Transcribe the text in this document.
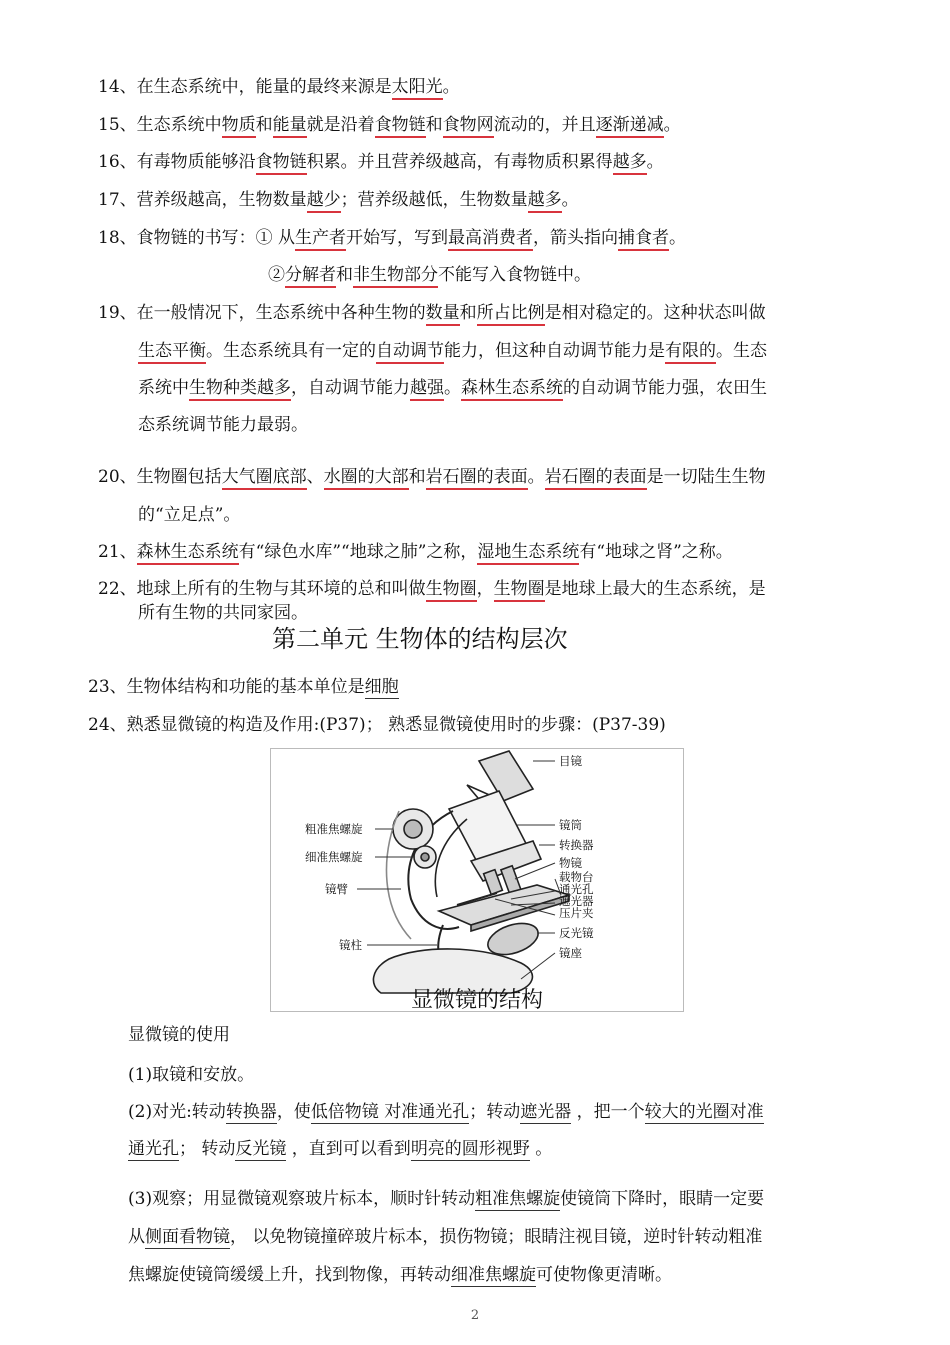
14、在生态系统中，能量的最终来源是太阳光。
15、生态系统中物质和能量就是沿着食物链和食物网流动的，并且逐渐递减。
16、有毒物质能够沿食物链积累。并且营养级越高，有毒物质积累得越多。
17、营养级越高，生物数量越少；营养级越低，生物数量越多。
18、食物链的书写：① 从生产者开始写，写到最高消费者，箭头指向捕食者。
②分解者和非生物部分不能写入食物链中。
19、在一般情况下，生态系统中各种生物的数量和所占比例是相对稳定的。这种状态叫做
生态平衡。生态系统具有一定的自动调节能力，但这种自动调节能力是有限的。生态
系统中生物种类越多，自动调节能力越强。森林生态系统的自动调节能力强，农田生
态系统调节能力最弱。
20、生物圈包括大气圈底部、水圈的大部和岩石圈的表面。岩石圈的表面是一切陆生生物
的“立足点”。
21、森林生态系统有“绿色水库”“地球之肺”之称，湿地生态系统有“地球之肾”之称。
22、地球上所有的生物与其环境的总和叫做生物圈，生物圈是地球上最大的生态系统，是
所有生物的共同家园。
第二单元 生物体的结构层次
23、生物体结构和功能的基本单位是细胞
24、熟悉显微镜的构造及作用:(P37)； 熟悉显微镜使用时的步骤：(P37-39)
目镜
镜筒
转换器
物镜
载物台
通光孔
遮光器
压片夹
反光镜
镜座
粗准焦螺旋
细准焦螺旋
镜臂
镜柱
显微镜的结构
显微镜的使用
(1)取镜和安放。
(2)对光:转动转换器，使低倍物镜 对准通光孔；转动遮光器 ，把一个较大的光圈对准
通光孔； 转动反光镜 ，直到可以看到明亮的圆形视野 。
(3)观察；用显微镜观察玻片标本，顺时针转动粗准焦螺旋使镜筒下降时，眼睛一定要
从侧面看物镜， 以免物镜撞碎玻片标本，损伤物镜；眼睛注视目镜，逆时针转动粗准
焦螺旋使镜筒缓缓上升，找到物像，再转动细准焦螺旋可使物像更清晰。
2
